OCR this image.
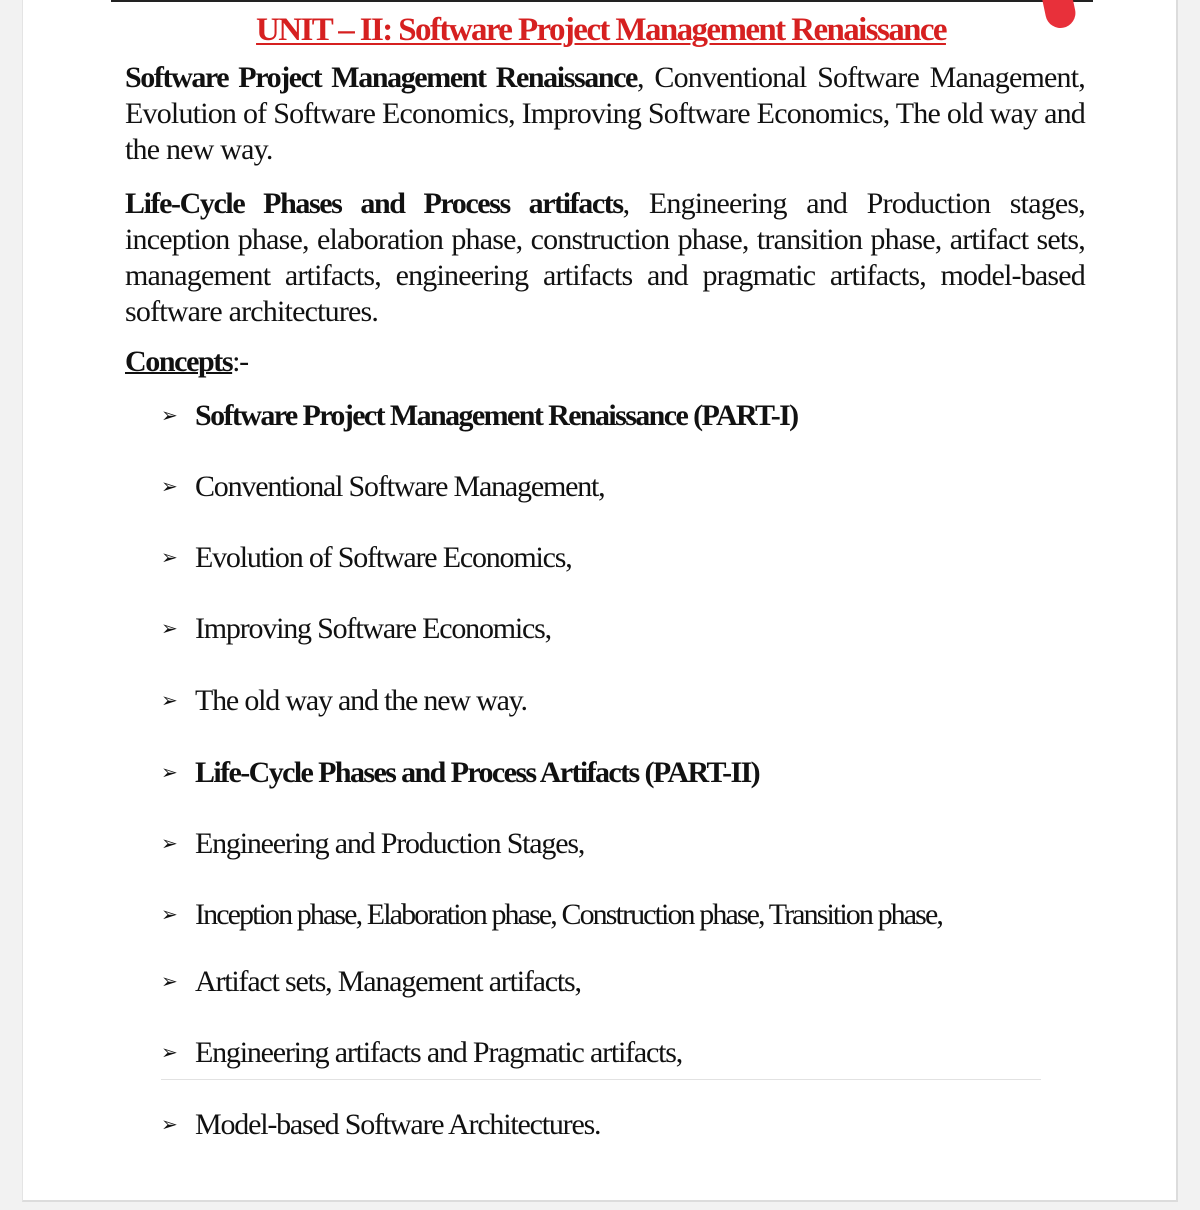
UNIT – II: Software Project Management Renaissance
Software Project Management Renaissance, Conventional Software Management, Evolution of Software Economics, Improving Software Economics, The old way and the new way.
Life-Cycle Phases and Process artifacts, Engineering and Production stages, inception phase, elaboration phase, construction phase, transition phase, artifact sets, management artifacts, engineering artifacts and pragmatic artifacts, model-based software architectures.
Concepts:-
➢ Software Project Management Renaissance (PART-I)
➢ Conventional Software Management,
➢ Evolution of Software Economics,
➢ Improving Software Economics,
➢ The old way and the new way.
➢ Life-Cycle Phases and Process Artifacts (PART-II)
➢ Engineering and Production Stages,
➢ Inception phase, Elaboration phase, Construction phase, Transition phase,
➢ Artifact sets, Management artifacts,
➢ Engineering artifacts and Pragmatic artifacts,
➢ Model-based Software Architectures.
